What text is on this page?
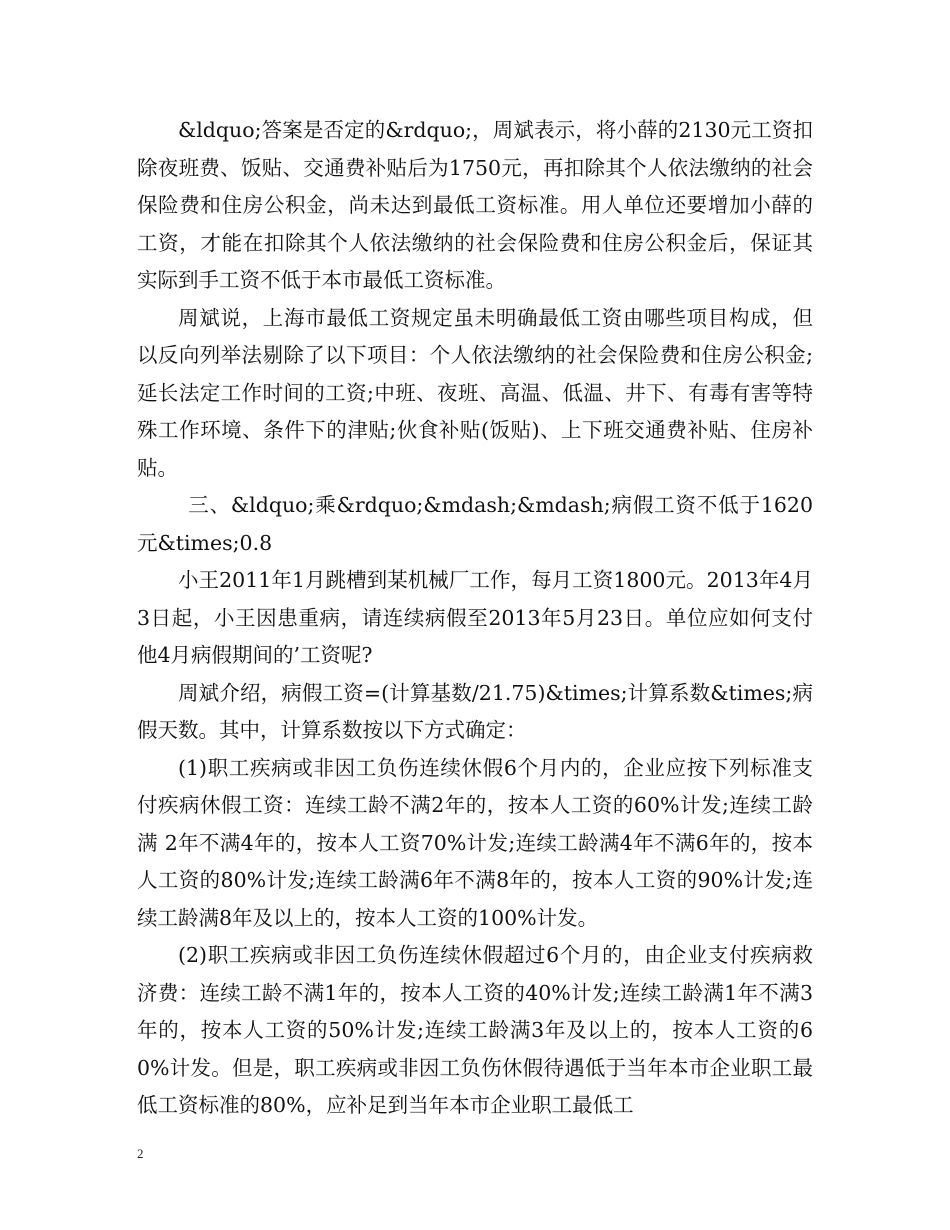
&ldquo;答案是否定的&rdquo;，周斌表示，将小薛的2130元工资扣除夜班费、饭贴、交通费补贴后为1750元，再扣除其个人依法缴纳的社会保险费和住房公积金，尚未达到最低工资标准。用人单位还要增加小薛的工资，才能在扣除其个人依法缴纳的社会保险费和住房公积金后，保证其实际到手工资不低于本市最低工资标准。

周斌说，上海市最低工资规定虽未明确最低工资由哪些项目构成，但以反向列举法剔除了以下项目：个人依法缴纳的社会保险费和住房公积金;延长法定工作时间的工资;中班、夜班、高温、低温、井下、有毒有害等特殊工作环境、条件下的津贴;伙食补贴(饭贴)、上下班交通费补贴、住房补贴。

三、&ldquo;乘&rdquo;&mdash;&mdash;病假工资不低于1620元&times;0.8

小王2011年1月跳槽到某机械厂工作，每月工资1800元。2013年4月3日起，小王因患重病，请连续病假至2013年5月23日。单位应如何支付他4月病假期间的’工资呢?

周斌介绍，病假工资=(计算基数/21.75)&times;计算系数&times;病假天数。其中，计算系数按以下方式确定：

(1)职工疾病或非因工负伤连续休假6个月内的，企业应按下列标准支付疾病休假工资：连续工龄不满2年的，按本人工资的60%计发;连续工龄满 2年不满4年的，按本人工资70%计发;连续工龄满4年不满6年的，按本人工资的80%计发;连续工龄满6年不满8年的，按本人工资的90%计发;连续工龄满8年及以上的，按本人工资的100%计发。

(2)职工疾病或非因工负伤连续休假超过6个月的，由企业支付疾病救济费：连续工龄不满1年的，按本人工资的40%计发;连续工龄满1年不满3 年的，按本人工资的50%计发;连续工龄满3年及以上的，按本人工资的60%计发。但是，职工疾病或非因工负伤休假待遇低于当年本市企业职工最低工资标准的80%，应补足到当年本市企业职工最低工

2
